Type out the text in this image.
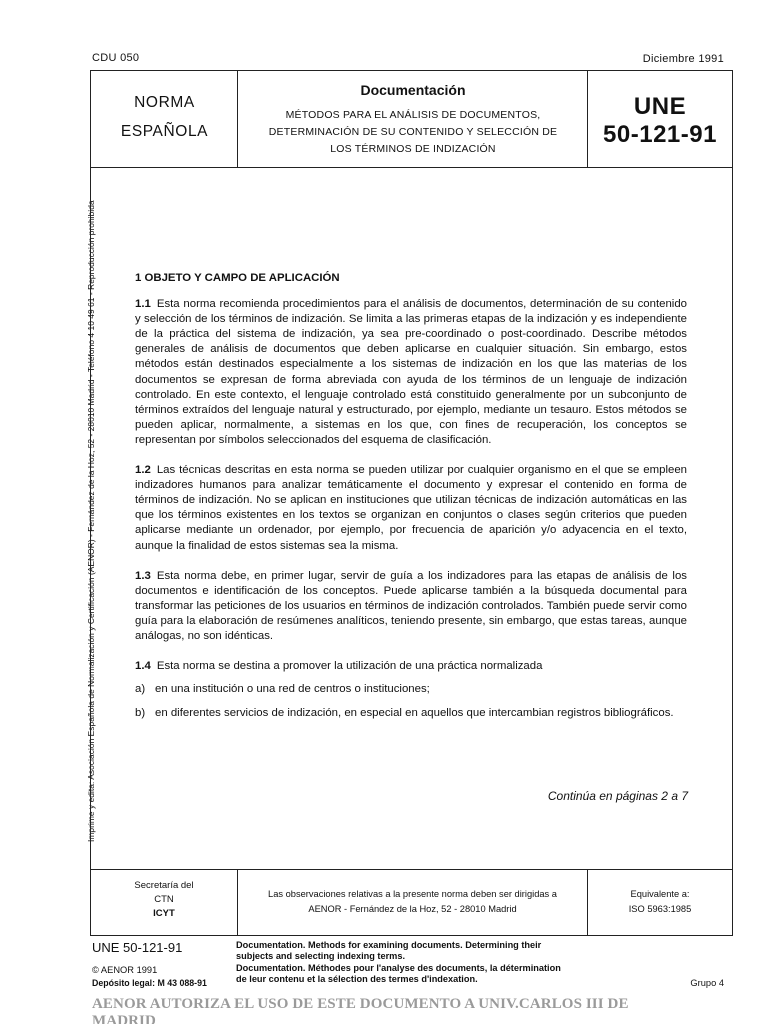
CDU 050	Diciembre 1991
Imprime y edita: Asociación Española de Normalización y Certificación (AENOR) - Fernández de la Hoz, 52 - 28010 Madrid - Teléfono 4 10 49 61 - Reproducción prohibida
NORMA
ESPAÑOLA
Documentación
MÉTODOS PARA EL ANÁLISIS DE DOCUMENTOS,
DETERMINACIÓN DE SU CONTENIDO Y SELECCIÓN DE
LOS TÉRMINOS DE INDIZACIÓN
UNE
50-121-91
1 OBJETO Y CAMPO DE APLICACIÓN
1.1 Esta norma recomienda procedimientos para el análisis de documentos, determinación de su contenido y selección de los términos de indización. Se limita a las primeras etapas de la indización y es independiente de la práctica del sistema de indización, ya sea pre-coordinado o post-coordinado. Describe métodos generales de análisis de documentos que deben aplicarse en cualquier situación. Sin embargo, estos métodos están destinados especialmente a los sistemas de indización en los que las materias de los documentos se expresan de forma abreviada con ayuda de los términos de un lenguaje de indización controlado. En este contexto, el lenguaje controlado está constituido generalmente por un subconjunto de términos extraídos del lenguaje natural y estructurado, por ejemplo, mediante un tesauro. Estos métodos se pueden aplicar, normalmente, a sistemas en los que, con fines de recuperación, los conceptos se representan por símbolos seleccionados del esquema de clasificación.
1.2 Las técnicas descritas en esta norma se pueden utilizar por cualquier organismo en el que se empleen indizadores humanos para analizar temáticamente el documento y expresar el contenido en forma de términos de indización. No se aplican en instituciones que utilizan técnicas de indización automáticas en las que los términos existentes en los textos se organizan en conjuntos o clases según criterios que pueden aplicarse mediante un ordenador, por ejemplo, por frecuencia de aparición y/o adyacencia en el texto, aunque la finalidad de estos sistemas sea la misma.
1.3 Esta norma debe, en primer lugar, servir de guía a los indizadores para las etapas de análisis de los documentos e identificación de los conceptos. Puede aplicarse también a la búsqueda documental para transformar las peticiones de los usuarios en términos de indización controlados. También puede servir como guía para la elaboración de resúmenes analíticos, teniendo presente, sin embargo, que estas tareas, aunque análogas, no son idénticas.
1.4 Esta norma se destina a promover la utilización de una práctica normalizada
a) en una institución o una red de centros o instituciones;
b) en diferentes servicios de indización, en especial en aquellos que intercambian registros bibliográficos.
Continúa en páginas 2 a 7
Secretaría del
CTN
ICYT
Las observaciones relativas a la presente norma deben ser dirigidas a
AENOR - Fernández de la Hoz, 52 - 28010 Madrid
Equivalente a:
ISO 5963:1985
UNE 50-121-91
© AENOR 1991
Depósito legal: M 43 088-91
Documentation. Methods for examining documents. Determining their
subjects and selecting indexing terms.
Documentation. Méthodes pour l'analyse des documents, la détermination
de leur contenu et la sélection des termes d'indexation.	Grupo 4
AENOR AUTORIZA EL USO DE ESTE DOCUMENTO A UNIV.CARLOS III DE MADRID
